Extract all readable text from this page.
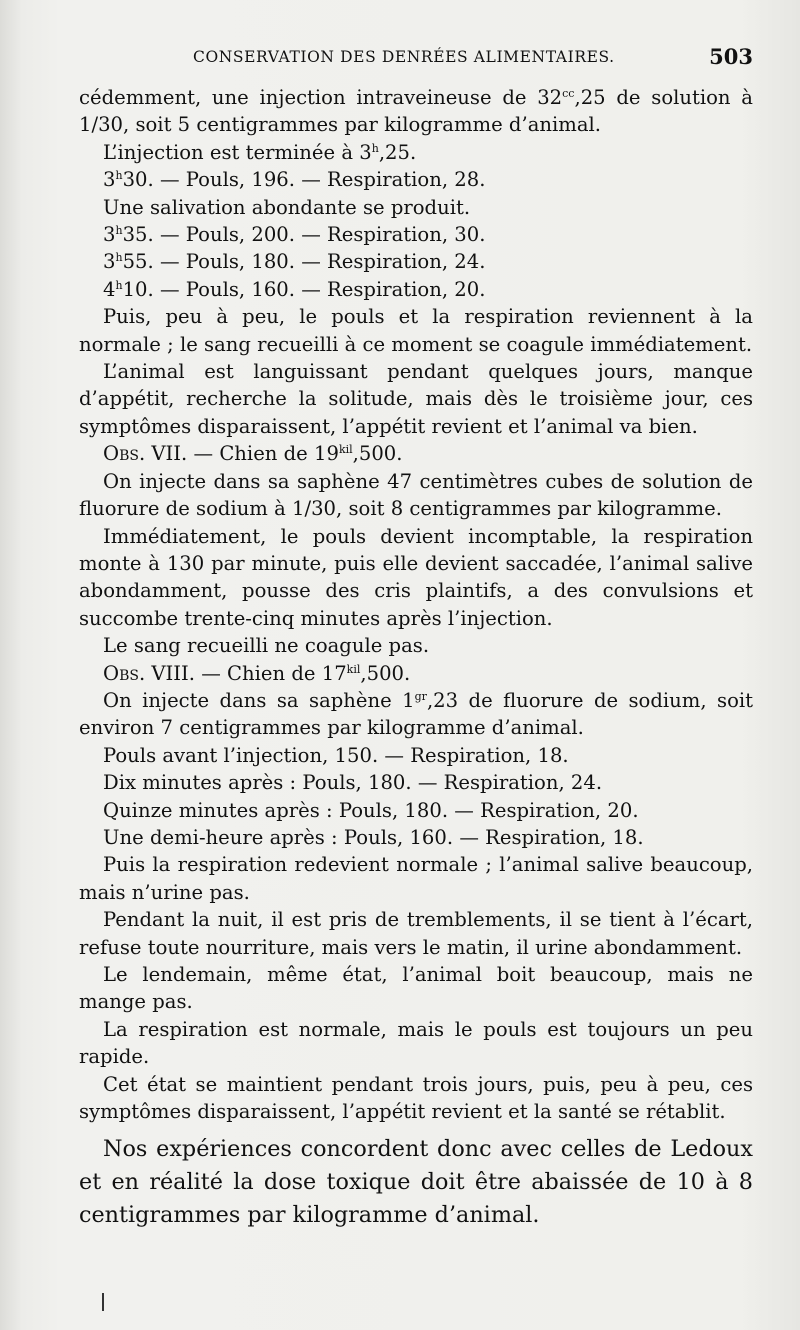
CONSERVATION DES DENRÉES ALIMENTAIRES.	503

cédemment, une injection intraveineuse de $32^{cc},25$ de solution à 1/30, soit 5 centigrammes par kilogramme d’animal.

L’injection est terminée à 3$^h$,25.

3$^h$30. — Pouls, 196. — Respiration, 28.

Une salivation abondante se produit.

3$^h$35. — Pouls, 200. — Respiration, 30.

3$^h$55. — Pouls, 180. — Respiration, 24.

4$^h$10. — Pouls, 160. — Respiration, 20.

Puis, peu à peu, le pouls et la respiration reviennent à la normale ; le sang recueilli à ce moment se coagule immédiatement.

L’animal est languissant pendant quelques jours, manque d’appétit, recherche la solitude, mais dès le troisième jour, ces symptômes disparaissent, l’appétit revient et l’animal va bien.

Obs. VII. — Chien de $19^{kil},500$.

On injecte dans sa saphène 47 centimètres cubes de solution de fluorure de sodium à 1/30, soit 8 centigrammes par kilogramme.

Immédiatement, le pouls devient incomptable, la respiration monte à 130 par minute, puis elle devient saccadée, l’animal salive abondamment, pousse des cris plaintifs, a des convulsions et succombe trente-cinq minutes après l’injection.

Le sang recueilli ne coagule pas.

Obs. VIII. — Chien de $17^{kil},500$.

On injecte dans sa saphène $1^{gr},23$ de fluorure de sodium, soit environ 7 centigrammes par kilogramme d’animal.

Pouls avant l’injection, 150. — Respiration, 18.

Dix minutes après : Pouls, 180. — Respiration, 24.

Quinze minutes après : Pouls, 180. — Respiration, 20.

Une demi-heure après : Pouls, 160. — Respiration, 18.

Puis la respiration redevient normale ; l’animal salive beaucoup, mais n’urine pas.

Pendant la nuit, il est pris de tremblements, il se tient à l’écart, refuse toute nourriture, mais vers le matin, il urine abondamment.

Le lendemain, même état, l’animal boit beaucoup, mais ne mange pas.

La respiration est normale, mais le pouls est toujours un peu rapide.

Cet état se maintient pendant trois jours, puis, peu à peu, ces symptômes disparaissent, l’appétit revient et la santé se rétablit.

Nos expériences concordent donc avec celles de Ledoux et en réalité la dose toxique doit être abaissée de 10 à 8 centigrammes par kilogramme d’animal.
